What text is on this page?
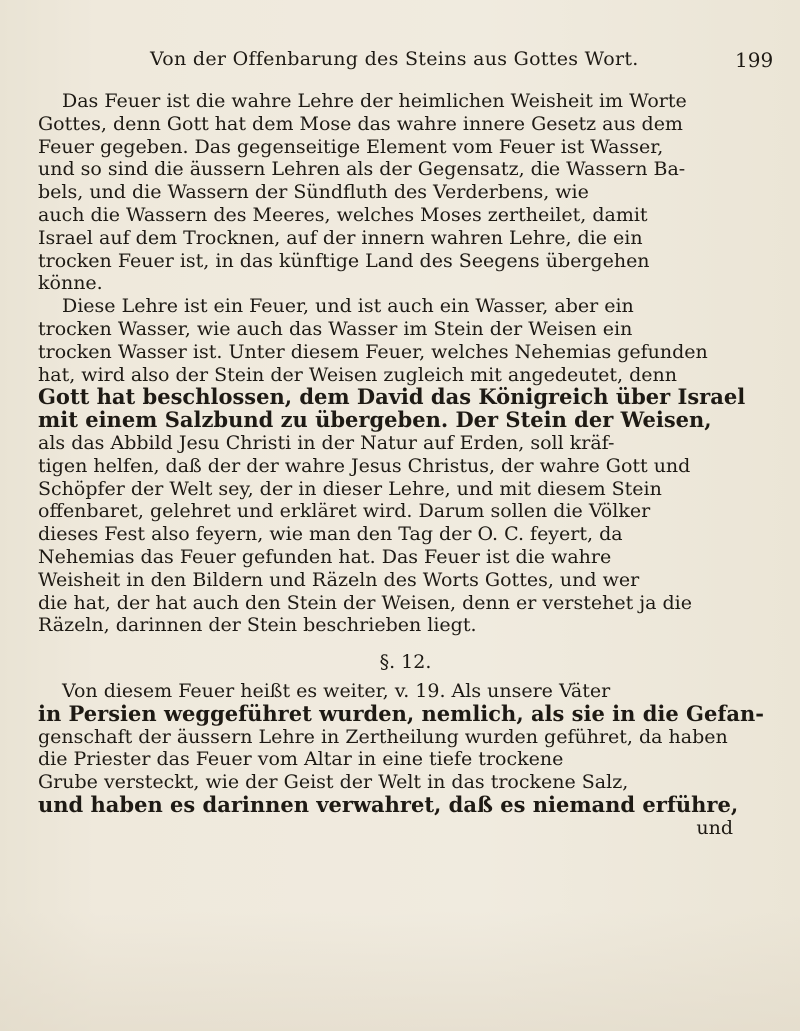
Von der Offenbarung des Steins aus Gottes Wort.	199
Das Feuer ist die wahre Lehre der heimlichen Weisheit im Worte
Gottes, denn Gott hat dem Mose das wahre innere Gesetz aus dem
Feuer gegeben. Das gegenseitige Element vom Feuer ist Wasser,
und so sind die äussern Lehren als der Gegensatz, die Wassern Ba-
bels, und die Wassern der Sündfluth des Verderbens, wie
auch die Wassern des Meeres, welches Moses zertheilet, damit
Israel auf dem Trocknen, auf der innern wahren Lehre, die ein
trocken Feuer ist, in das künftige Land des Seegens übergehen
könne.
Diese Lehre ist ein Feuer, und ist auch ein Wasser, aber ein
trocken Wasser, wie auch das Wasser im Stein der Weisen ein
trocken Wasser ist. Unter diesem Feuer, welches Nehemias gefunden
hat, wird also der Stein der Weisen zugleich mit angedeutet, denn
Gott hat beschlossen, dem David das Königreich über Israel
mit einem Salzbund zu übergeben. Der Stein der Weisen,
als das Abbild Jesu Christi in der Natur auf Erden, soll kräf-
tigen helfen, daß der der wahre Jesus Christus, der wahre Gott und
Schöpfer der Welt sey, der in dieser Lehre, und mit diesem Stein
offenbaret, gelehret und erkläret wird. Darum sollen die Völker
dieses Fest also feyern, wie man den Tag der O. C. feyert, da
Nehemias das Feuer gefunden hat. Das Feuer ist die wahre
Weisheit in den Bildern und Räzeln des Worts Gottes, und wer
die hat, der hat auch den Stein der Weisen, denn er verstehet ja die
Räzeln, darinnen der Stein beschrieben liegt.
§. 12.
Von diesem Feuer heißt es weiter, v. 19. Als unsere Väter
in Persien weggeführet wurden, nemlich, als sie in die Gefan-
genschaft der äussern Lehre in Zertheilung wurden geführet, da haben
die Priester das Feuer vom Altar in eine tiefe trockene
Grube versteckt, wie der Geist der Welt in das trockene Salz,
und haben es darinnen verwahret, daß es niemand erführe,
und
